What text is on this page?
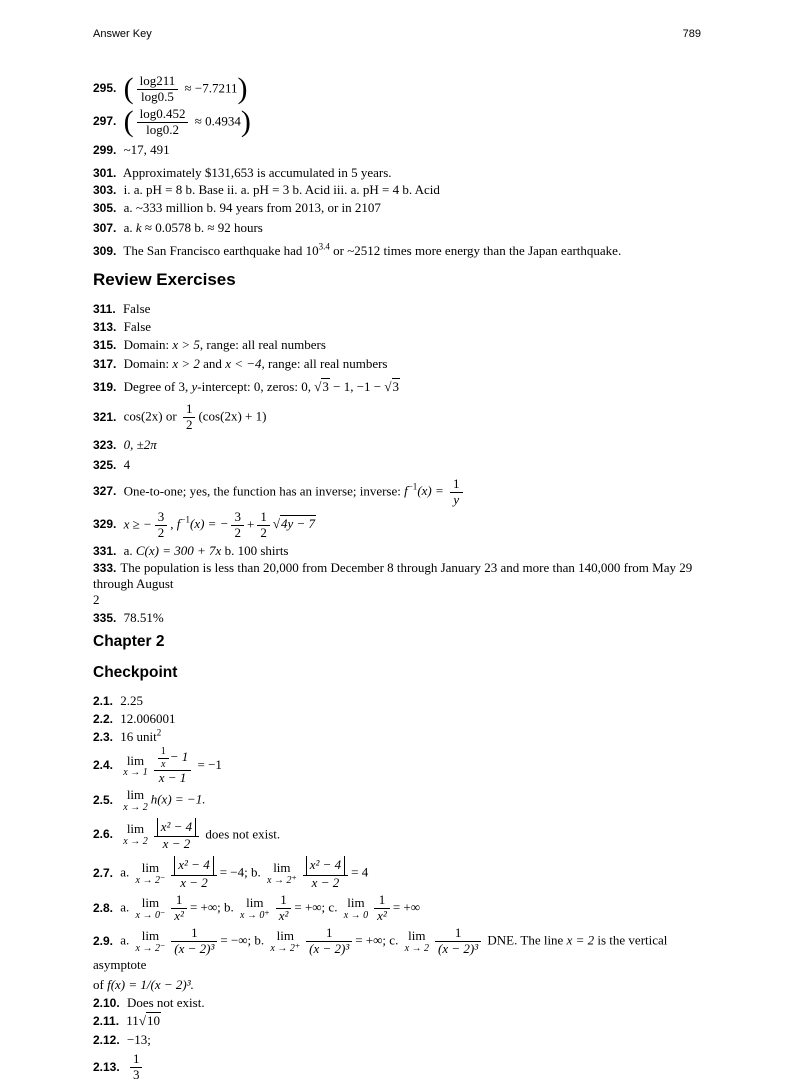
Answer Key	789
295. ( $\frac{\log 211}{\log 0.5} \approx -7.7211$)
297. ( $\frac{\log 0.452}{\log 0.2} \approx 0.4934$)
299. ~17, 491
301. Approximately $131,653 is accumulated in 5 years.
303. i. a. pH = 8 b. Base ii. a. pH = 3 b. Acid iii. a. pH = 4 b. Acid
305. a. ~333 million b. 94 years from 2013, or in 2107
307. a. k ≈ 0.0578 b. ≈ 92 hours
309. The San Francisco earthquake had $10^{3.4}$ or ~2512 times more energy than the Japan earthquake.
Review Exercises
311. False
313. False
315. Domain: x > 5, range: all real numbers
317. Domain: x > 2 and x < −4, range: all real numbers
319. Degree of 3, y-intercept: 0, zeros: 0, √ 3 − 1, −1 − √ 3
321. cos(2x) or $\frac{1}{2} (\cos(2x) + 1)$
323. 0, ±2π
325. 4
327. One-to-one; yes, the function has an inverse; inverse: $f^{-1}(x) = \frac{1}{y}$
329. x ≥ − $\frac{3}{2}$ , $f^{-1}(x)$ = − $\frac{3}{2} + \frac{1}{2}$ √ 4y − 7
331. a. C(x) = 300 + 7x b. 100 shirts
333. The population is less than 20,000 from December 8 through January 23 and more than 140,000 from May 29 through August
2
335. 78.51%
Chapter 2
Checkpoint
2.1. 2.25
2.2. 12.006001
2.3. 16 unit$^2$
2.4. lim
$x \to 1 \frac{\frac{1}{x} - 1}{x - 1} = -1$
2.5. lim
x → 2
h(x) = −1.
2.6. lim
$x \to 2 \frac{\text{x² − 4}}{x - 2}$ does not exist.
2.7. a. lim
$x \to 2^- \frac{\text{x² − 4}}{x - 2} = -4$; b. lim
$x \to 2^+ \frac{\text{x² − 4}}{x - 2} = 4$
2.8. a. lim
$x \to 0^- \frac{1}{\text{x²}}$ = +∞; b. lim
$x \to 0^+ \frac{1}{\text{x²}}$ = +∞; c. lim
$x \to 0 \frac{1}{\text{x²}}$ = +∞
2.9. a. lim
$x \to 2^- \frac{1}{\text{(x − 2)³}}$ = −∞; b. lim
$x \to 2^+ \frac{1}{\text{(x − 2)³}}$ = +∞; c. lim
$x \to 2 \frac{1}{\text{(x − 2)³}}$ DNE. The line x = 2 is the vertical asymptote
of f(x) = 1/(x − 2)³.
2.10. Does not exist.
2.11. 11 √ 10
2.12. −13;
2.13. $\frac{1}{3}$
